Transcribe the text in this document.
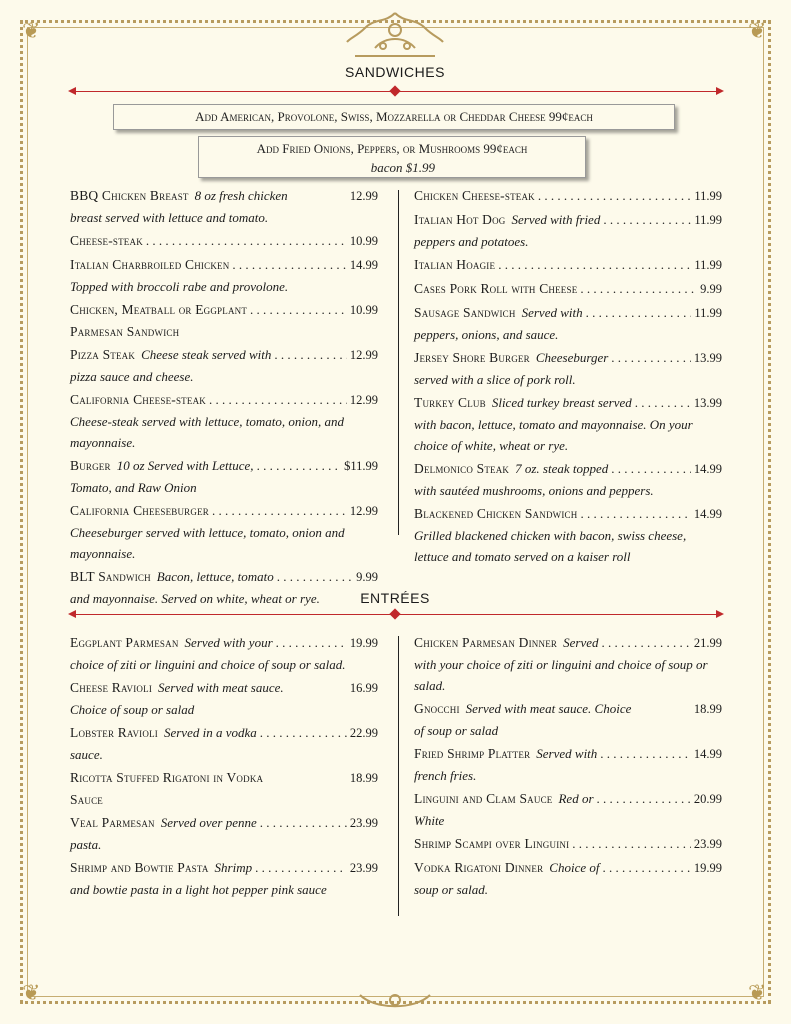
❦	❦
❦	❦
SANDWICHES
Add American, Provolone, Swiss, Mozzarella or Cheddar Cheese 99¢each
Add Fried Onions, Peppers, or Mushrooms 99¢each
bacon $1.99
BBQ Chicken Breast 8 oz fresh chicken	12.99
breast served with lettuce and tomato.
Cheese-steak . . .	10.99
Italian Charbroiled Chicken . . .	14.99
Topped with broccoli rabe and provolone.
Chicken, Meatball or Eggplant . . .	10.99
Parmesan Sandwich
Pizza Steak Cheese steak served with . . .	12.99
pizza sauce and cheese.
California Cheese-steak . . .	12.99
Cheese-steak served with lettuce, tomato, onion, and mayonnaise.
Burger 10 oz Served with Lettuce, . . .	$11.99
Tomato, and Raw Onion
California Cheeseburger . . .	12.99
Cheeseburger served with lettuce, tomato, onion and mayonnaise.
BLT Sandwich Bacon, lettuce, tomato . . .	9.99
and mayonnaise. Served on white, wheat or rye.
Chicken Cheese-steak . . .	11.99
Italian Hot Dog Served with fried . . .	11.99
peppers and potatoes.
Italian Hoagie . . .	11.99
Cases Pork Roll with Cheese . . .	9.99
Sausage Sandwich Served with . . .	11.99
peppers, onions, and sauce.
Jersey Shore Burger Cheeseburger . . .	13.99
served with a slice of pork roll.
Turkey Club Sliced turkey breast served . . .	13.99
with bacon, lettuce, tomato and mayonnaise. On your choice of white, wheat or rye.
Delmonico Steak 7 oz. steak topped . . .	14.99
with sautéed mushrooms, onions and peppers.
Blackened Chicken Sandwich . . .	14.99
Grilled blackened chicken with bacon, swiss cheese, lettuce and tomato served on a kaiser roll
ENTRÉES
Eggplant Parmesan Served with your . . .	19.99
choice of ziti or linguini and choice of soup or salad.
Cheese Ravioli Served with meat sauce.	16.99
Choice of soup or salad
Lobster Ravioli Served in a vodka . . .	22.99
sauce.
Ricotta Stuffed Rigatoni in Vodka	18.99
Sauce
Veal Parmesan Served over penne . . .	23.99
pasta.
Shrimp and Bowtie Pasta Shrimp . . .	23.99
and bowtie pasta in a light hot pepper pink sauce
Chicken Parmesan Dinner Served . . .	21.99
with your choice of ziti or linguini and choice of soup or salad.
Gnocchi Served with meat sauce. Choice	18.99
of soup or salad
Fried Shrimp Platter Served with . . .	14.99
french fries.
Linguini and Clam Sauce Red or . . .	20.99
White
Shrimp Scampi over Linguini . . .	23.99
Vodka Rigatoni Dinner Choice of . . .	19.99
soup or salad.
